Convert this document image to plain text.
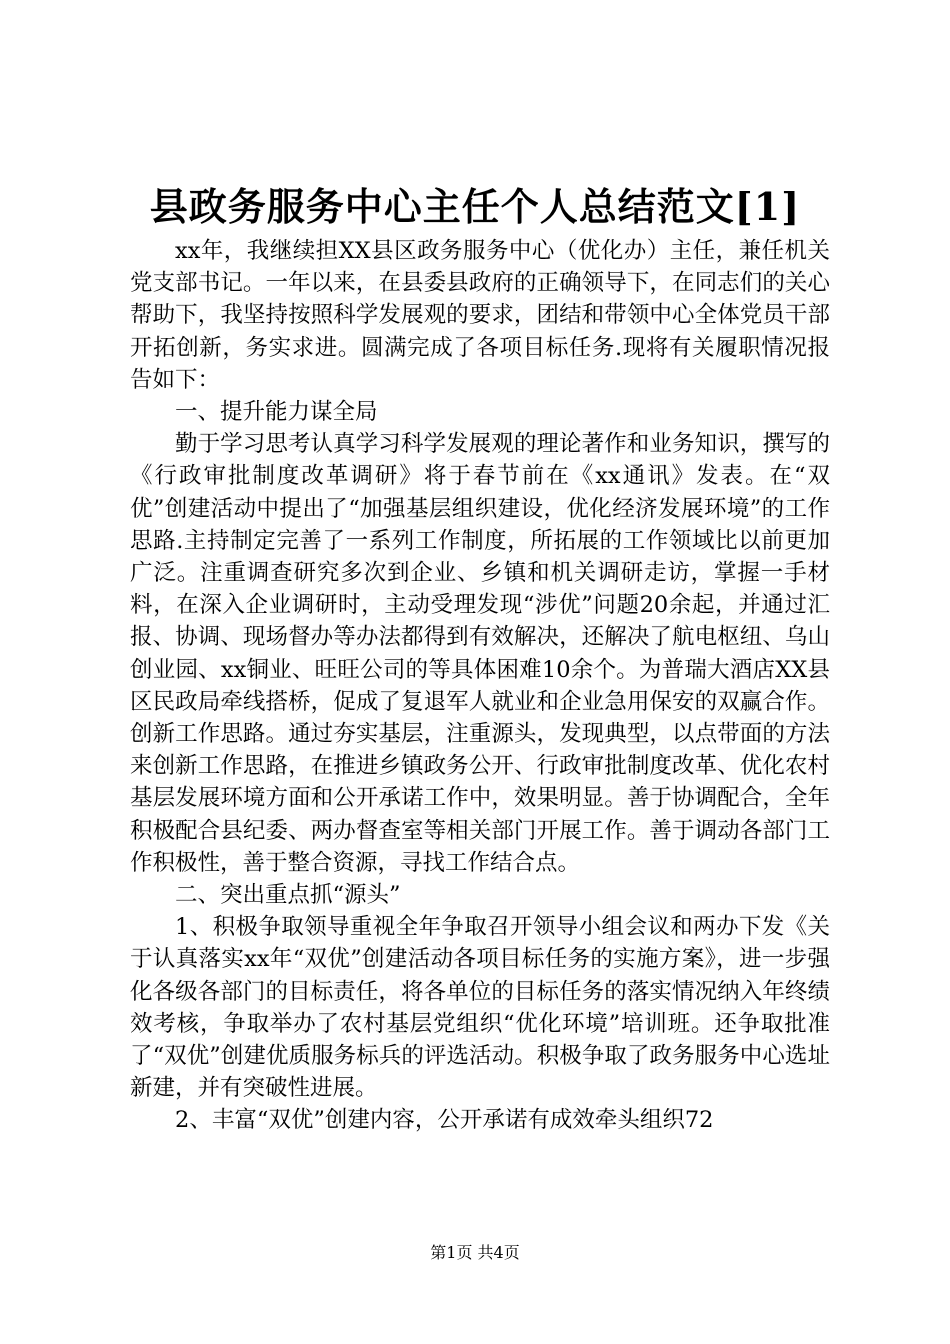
县政务服务中心主任个人总结范文[1]

xx年，我继续担XX县区政务服务中心（优化办）主任，兼任机关党支部书记。一年以来，在县委县政府的正确领导下，在同志们的关心帮助下，我坚持按照科学发展观的要求，团结和带领中心全体党员干部开拓创新，务实求进。圆满完成了各项目标任务.现将有关履职情况报告如下：

一、提升能力谋全局

勤于学习思考认真学习科学发展观的理论著作和业务知识，撰写的《行政审批制度改革调研》将于春节前在《xx通讯》发表。在“双优”创建活动中提出了“加强基层组织建设，优化经济发展环境”的工作思路.主持制定完善了一系列工作制度，所拓展的工作领域比以前更加广泛。注重调查研究多次到企业、乡镇和机关调研走访，掌握一手材料，在深入企业调研时，主动受理发现“涉优”问题20余起，并通过汇报、协调、现场督办等办法都得到有效解决，还解决了航电枢纽、乌山创业园、xx铜业、旺旺公司的等具体困难10余个。为普瑞大酒店XX县区民政局牵线搭桥，促成了复退军人就业和企业急用保安的双赢合作。创新工作思路。通过夯实基层，注重源头，发现典型，以点带面的方法来创新工作思路，在推进乡镇政务公开、行政审批制度改革、优化农村基层发展环境方面和公开承诺工作中，效果明显。善于协调配合，全年积极配合县纪委、两办督查室等相关部门开展工作。善于调动各部门工作积极性，善于整合资源，寻找工作结合点。

二、突出重点抓“源头”

1、积极争取领导重视全年争取召开领导小组会议和两办下发《关于认真落实xx年“双优”创建活动各项目标任务的实施方案》，进一步强化各级各部门的目标责任，将各单位的目标任务的落实情况纳入年终绩效考核，争取举办了农村基层党组织“优化环境”培训班。还争取批准了“双优”创建优质服务标兵的评选活动。积极争取了政务服务中心选址新建，并有突破性进展。

2、丰富“双优”创建内容，公开承诺有成效牵头组织72

第1页 共4页
